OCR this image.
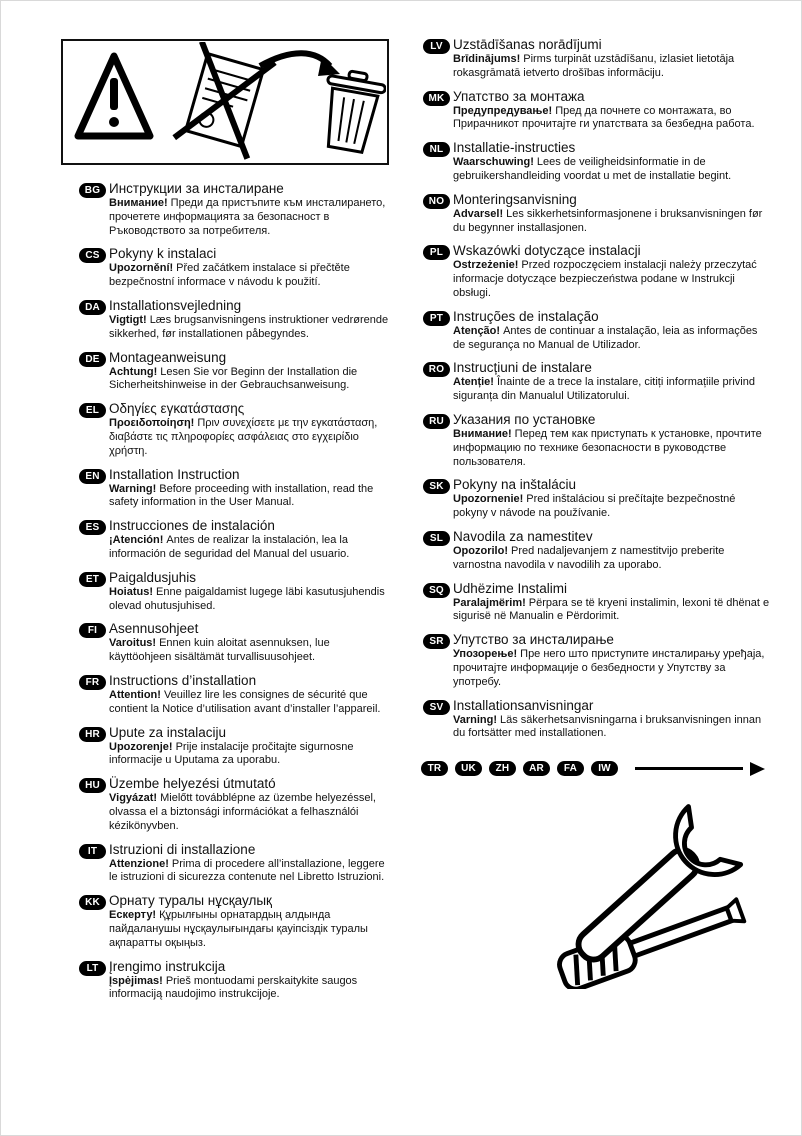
BG Инструкции за инсталиране
Внимание! Преди да пристъпите към инсталирането, прочетете информацията за безопасност в Ръководството за потребителя.
CS Pokyny k instalaci
Upozornění! Před začátkem instalace si přečtěte bezpečnostní informace v návodu k použití.
DA Installationsvejledning
Vigtigt! Læs brugsanvisningens instruktioner vedrørende sikkerhed, før installationen påbegyndes.
DE Montageanweisung
Achtung! Lesen Sie vor Beginn der Installation die Sicherheitshinweise in der Gebrauchsanweisung.
EL Οδηγίες εγκατάστασης
Προειδοποίηση! Πριν συνεχίσετε με την εγκατάσταση, διαβάστε τις πληροφορίες ασφάλειας στο εγχειρίδιο χρήστη.
EN Installation Instruction
Warning! Before proceeding with installation, read the safety information in the User Manual.
ES Instrucciones de instalación
¡Atención! Antes de realizar la instalación, lea la información de seguridad del Manual del usuario.
ET Paigaldusjuhis
Hoiatus! Enne paigaldamist lugege läbi kasutusjuhendis olevad ohutusjuhised.
FI Asennusohjeet
Varoitus! Ennen kuin aloitat asennuksen, lue käyttöohjeen sisältämät turvallisuusohjeet.
FR Instructions d’installation
Attention! Veuillez lire les consignes de sécurité que contient la Notice d’utilisation avant d’installer l’appareil.
HR Upute za instalaciju
Upozorenje! Prije instalacije pročitajte sigurnosne informacije u Uputama za uporabu.
HU Üzembe helyezési útmutató
Vigyázat! Mielőtt továbblépne az üzembe helyezéssel, olvassa el a biztonsági információkat a felhasználói kézikönyvben.
IT Istruzioni di installazione
Attenzione! Prima di procedere all’installazione, leggere le istruzioni di sicurezza contenute nel Libretto Istruzioni.
KK Орнату туралы нұсқаулық
Ескерту! Құрылғыны орнатардың алдында пайдаланушы нұсқаулығындағы қауіпсіздік туралы ақпаратты оқыңыз.
LT Įrengimo instrukcija
Įspėjimas! Prieš montuodami perskaitykite saugos informaciją naudojimo instrukcijoje.
LV Uzstādīšanas norādījumi
Brīdinājums! Pirms turpināt uzstādīšanu, izlasiet lietotāja rokasgrāmatā ietverto drošības informāciju.
MK Упатство за монтажа
Предупредување! Пред да почнете со монтажата, во Прирачникот прочитајте ги упатствата за безбедна работа.
NL Installatie-instructies
Waarschuwing! Lees de veiligheidsinformatie in de gebruikershandleiding voordat u met de installatie begint.
NO Monteringsanvisning
Advarsel! Les sikkerhetsinformasjonene i bruksanvisningen før du begynner installasjonen.
PL Wskazówki dotyczące instalacji
Ostrzeżenie! Przed rozpoczęciem instalacji należy przeczytać informacje dotyczące bezpieczeństwa podane w Instrukcji obsługi.
PT Instruções de instalação
Atenção! Antes de continuar a instalação, leia as informações de segurança no Manual de Utilizador.
RO Instrucțiuni de instalare
Atenție! Înainte de a trece la instalare, citiți informațiile privind siguranța din Manualul Utilizatorului.
RU Указания по установке
Внимание! Перед тем как приступать к установке, прочтите информацию по технике безопасности в руководстве пользователя.
SK Pokyny na inštaláciu
Upozornenie! Pred inštaláciou si prečítajte bezpečnostné pokyny v návode na používanie.
SL Navodila za namestitev
Opozorilo! Pred nadaljevanjem z namestitvijo preberite varnostna navodila v navodilih za uporabo.
SQ Udhëzime Instalimi
Paralajmërim! Përpara se të kryeni instalimin, lexoni të dhënat e sigurisë në Manualin e Përdorimit.
SR Упутство за инсталирање
Упозорење! Пре него што приступите инсталирању уређаја, прочитајте информације о безбедности у Упутству за употребу.
SV Installationsanvisningar
Varning! Läs säkerhetsanvisningarna i bruksanvisningen innan du fortsätter med installationen.
TR	UK	ZH	AR	FA	IW
